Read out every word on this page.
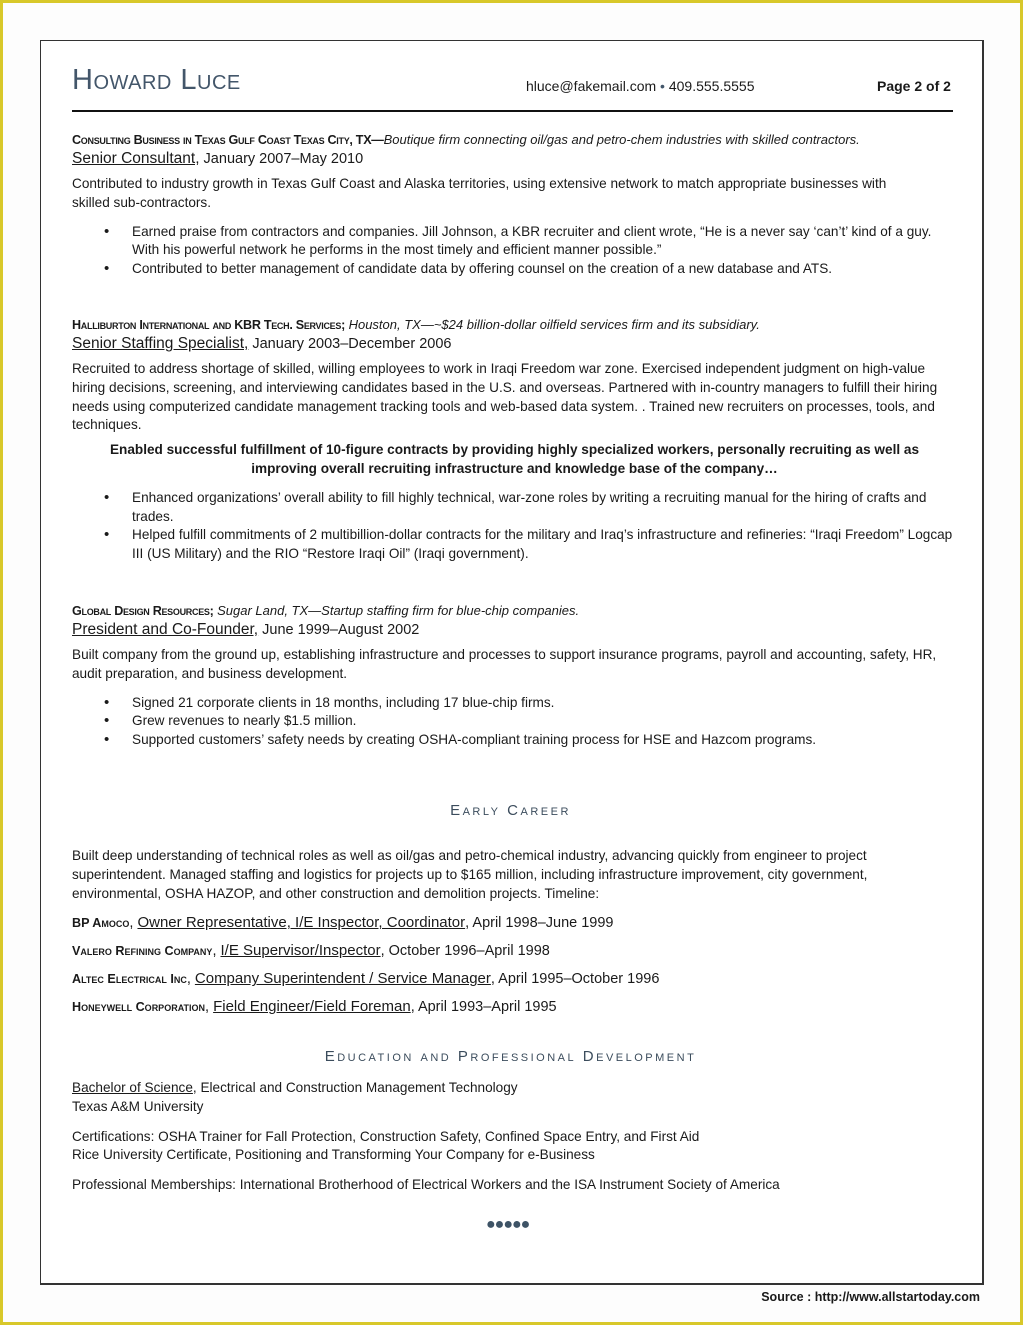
Howard Luce	hluce@fakemail.com • 409.555.5555	Page 2 of 2
Consulting Business in Texas Gulf Coast Texas City, TX—Boutique firm connecting oil/gas and petro-chem industries with skilled contractors.
Senior Consultant, January 2007–May 2010
Contributed to industry growth in Texas Gulf Coast and Alaska territories, using extensive network to match appropriate businesses with skilled sub-contractors.
• Earned praise from contractors and companies. Jill Johnson, a KBR recruiter and client wrote, “He is a never say ‘can’t’ kind of a guy. With his powerful network he performs in the most timely and efficient manner possible.”
• Contributed to better management of candidate data by offering counsel on the creation of a new database and ATS.
Halliburton International and KBR Tech. Services; Houston, TX—~$24 billion-dollar oilfield services firm and its subsidiary.
Senior Staffing Specialist, January 2003–December 2006
Recruited to address shortage of skilled, willing employees to work in Iraqi Freedom war zone. Exercised independent judgment on high-value hiring decisions, screening, and interviewing candidates based in the U.S. and overseas. Partnered with in-country managers to fulfill their hiring needs using computerized candidate management tracking tools and web-based data system. . Trained new recruiters on processes, tools, and techniques.
Enabled successful fulfillment of 10-figure contracts by providing highly specialized workers, personally recruiting as well as improving overall recruiting infrastructure and knowledge base of the company…
• Enhanced organizations’ overall ability to fill highly technical, war-zone roles by writing a recruiting manual for the hiring of crafts and trades.
• Helped fulfill commitments of 2 multibillion-dollar contracts for the military and Iraq’s infrastructure and refineries: “Iraqi Freedom” Logcap III (US Military) and the RIO “Restore Iraqi Oil” (Iraqi government).
Global Design Resources; Sugar Land, TX—Startup staffing firm for blue-chip companies.
President and Co-Founder, June 1999–August 2002
Built company from the ground up, establishing infrastructure and processes to support insurance programs, payroll and accounting, safety, HR, audit preparation, and business development.
• Signed 21 corporate clients in 18 months, including 17 blue-chip firms.
• Grew revenues to nearly $1.5 million.
• Supported customers’ safety needs by creating OSHA-compliant training process for HSE and Hazcom programs.
Early Career
Built deep understanding of technical roles as well as oil/gas and petro-chemical industry, advancing quickly from engineer to project superintendent. Managed staffing and logistics for projects up to $165 million, including infrastructure improvement, city government, environmental, OSHA HAZOP, and other construction and demolition projects. Timeline:
BP Amoco, Owner Representative, I/E Inspector, Coordinator, April 1998–June 1999
Valero Refining Company, I/E Supervisor/Inspector, October 1996–April 1998
Altec Electrical Inc, Company Superintendent / Service Manager, April 1995–October 1996
Honeywell Corporation, Field Engineer/Field Foreman, April 1993–April 1995
Education and Professional Development
Bachelor of Science, Electrical and Construction Management Technology
Texas A&M University
Certifications: OSHA Trainer for Fall Protection, Construction Safety, Confined Space Entry, and First Aid
Rice University Certificate, Positioning and Transforming Your Company for e-Business
Professional Memberships: International Brotherhood of Electrical Workers and the ISA Instrument Society of America
●●●●●
Source : http://www.allstartoday.com
